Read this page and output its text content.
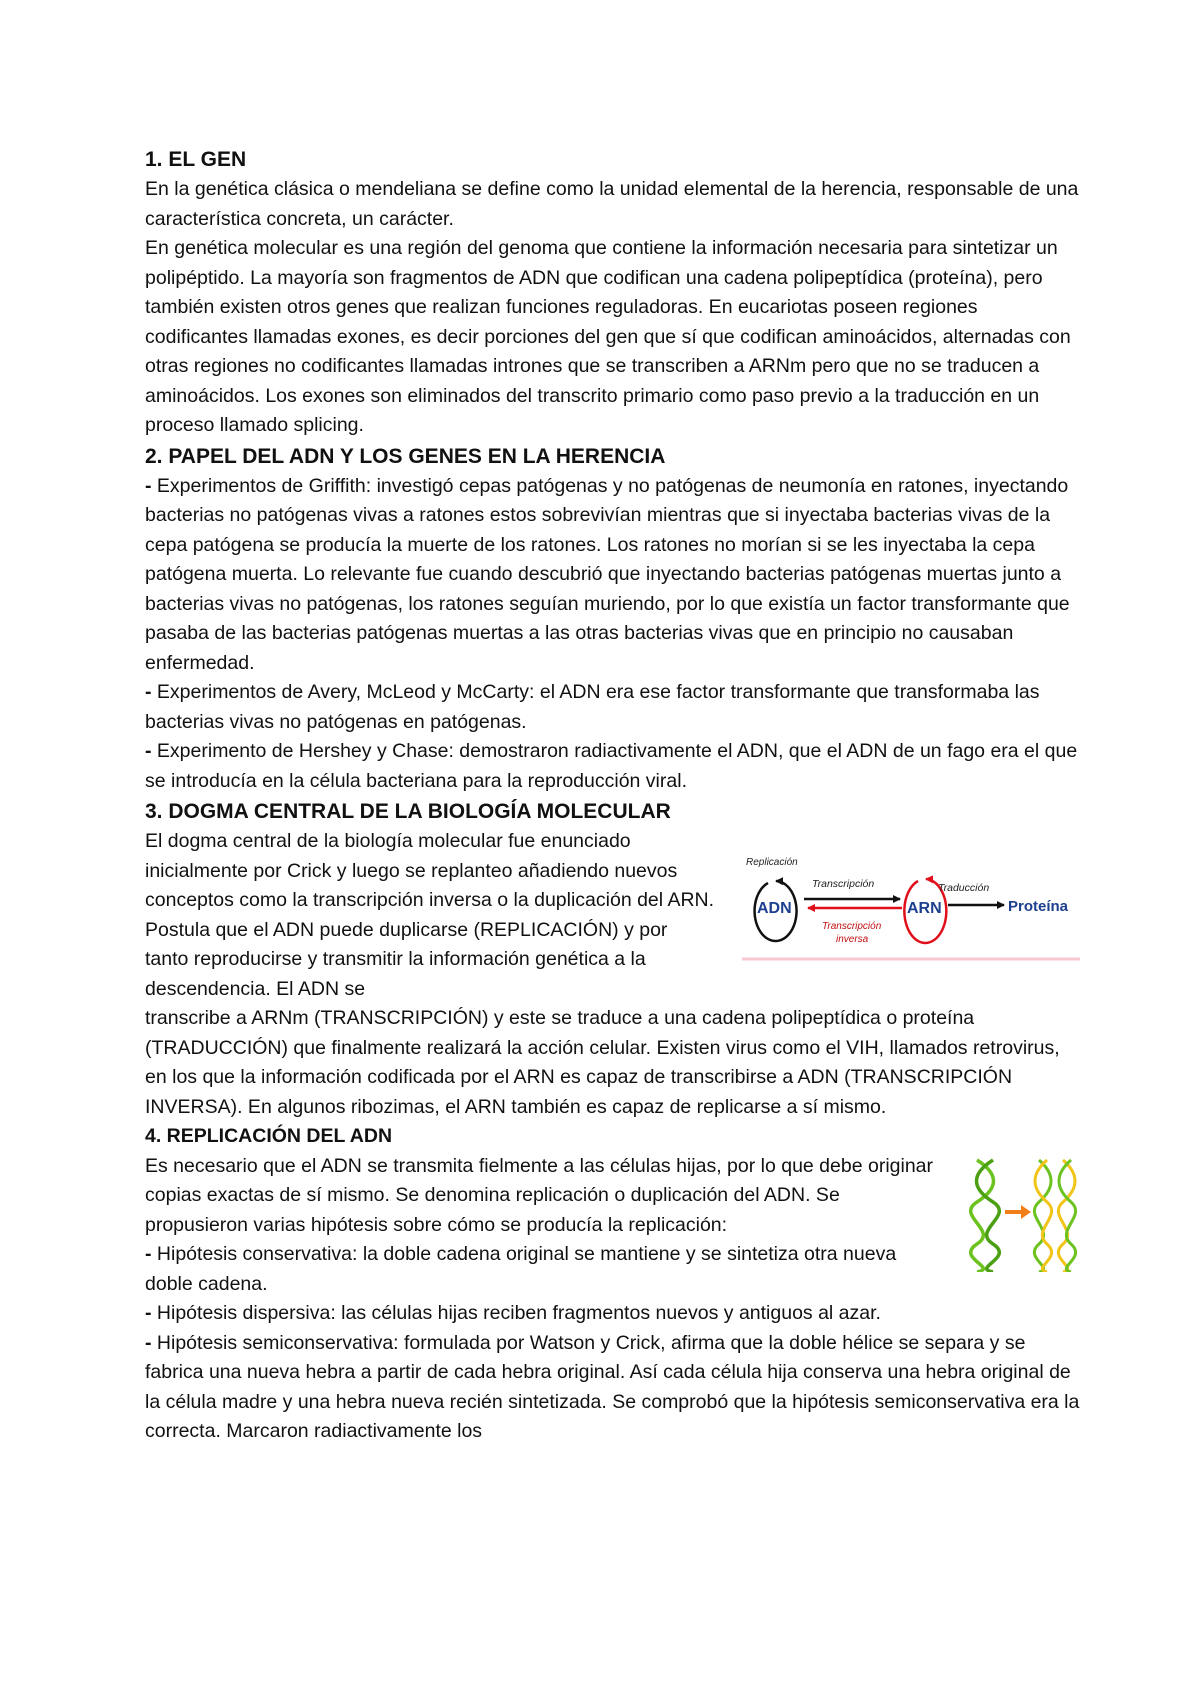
1. EL GEN

En la genética clásica o mendeliana se define como la unidad elemental de la herencia, responsable de una característica concreta, un carácter.

En genética molecular es una región del genoma que contiene la información necesaria para sintetizar un polipéptido. La mayoría son fragmentos de ADN que codifican una cadena polipeptídica (proteína), pero también existen otros genes que realizan funciones reguladoras. En eucariotas poseen regiones codificantes llamadas exones, es decir porciones del gen que sí que codifican aminoácidos, alternadas con otras regiones no codificantes llamadas intrones que se transcriben a ARNm pero que no se traducen a aminoácidos. Los exones son eliminados del transcrito primario como paso previo a la traducción en un proceso llamado splicing.

2. PAPEL DEL ADN Y LOS GENES EN LA HERENCIA

- Experimentos de Griffith: investigó cepas patógenas y no patógenas de neumonía en ratones, inyectando bacterias no patógenas vivas a ratones estos sobrevivían mientras que si inyectaba bacterias vivas de la cepa patógena se producía la muerte de los ratones. Los ratones no morían si se les inyectaba la cepa patógena muerta. Lo relevante fue cuando descubrió que inyectando bacterias patógenas muertas junto a bacterias vivas no patógenas, los ratones seguían muriendo, por lo que existía un factor transformante que pasaba de las bacterias patógenas muertas a las otras bacterias vivas que en principio no causaban enfermedad.

- Experimentos de Avery, McLeod y McCarty: el ADN era ese factor transformante que transformaba las bacterias vivas no patógenas en patógenas.

- Experimento de Hershey y Chase: demostraron radiactivamente el ADN, que el ADN de un fago era el que se introducía en la célula bacteriana para la reproducción viral.

3. DOGMA CENTRAL DE LA BIOLOGÍA MOLECULAR
Replicación
ADN
Transcripción
Transcripción
inversa
ARN
Traducción
Proteína

El dogma central de la biología molecular fue enunciado inicialmente por Crick y luego se replanteo añadiendo nuevos conceptos como la transcripción inversa o la duplicación del ARN. Postula que el ADN puede duplicarse (REPLICACIÓN) y por tanto reproducirse y transmitir la información genética a la descendencia. El ADN se

transcribe a ARNm (TRANSCRIPCIÓN) y este se traduce a una cadena polipeptídica o proteína (TRADUCCIÓN) que finalmente realizará la acción celular. Existen virus como el VIH, llamados retrovirus, en los que la información codificada por el ARN es capaz de transcribirse a ADN (TRANSCRIPCIÓN INVERSA). En algunos ribozimas, el ARN también es capaz de replicarse a sí mismo.

4. REPLICACIÓN DEL ADN

Es necesario que el ADN se transmita fielmente a las células hijas, por lo que debe originar copias exactas de sí mismo. Se denomina replicación o duplicación del ADN. Se propusieron varias hipótesis sobre cómo se producía la replicación:

- Hipótesis conservativa: la doble cadena original se mantiene y se sintetiza otra nueva doble cadena.

- Hipótesis dispersiva: las células hijas reciben fragmentos nuevos y antiguos al azar.

- Hipótesis semiconservativa: formulada por Watson y Crick, afirma que la doble hélice se separa y se fabrica una nueva hebra a partir de cada hebra original. Así cada célula hija conserva una hebra original de la célula madre y una hebra nueva recién sintetizada. Se comprobó que la hipótesis semiconservativa era la correcta. Marcaron radiactivamente los
